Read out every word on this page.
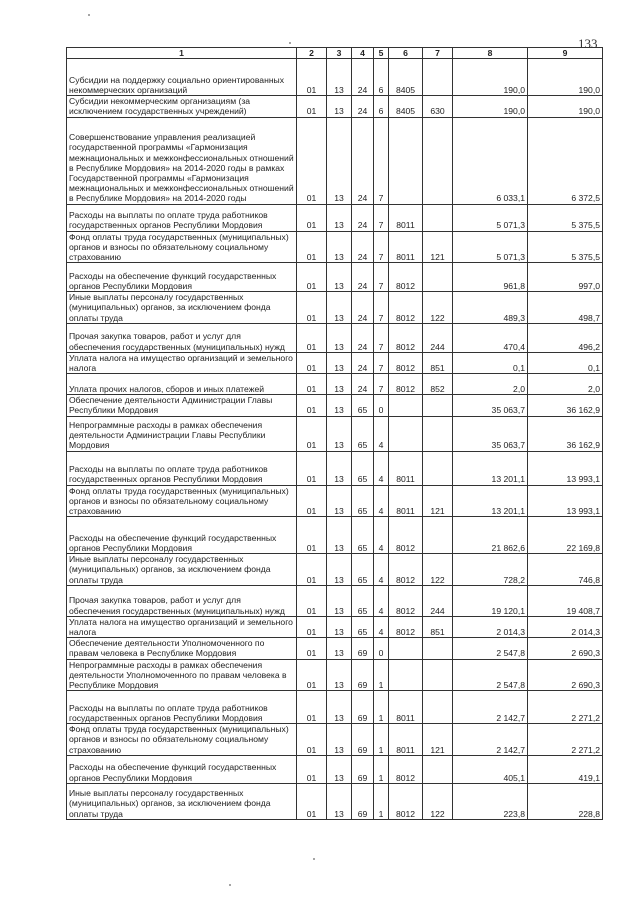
133
1	2	3	4	5	6	7	8	9
Субсидии на поддержку социально ориентированных некоммерческих организаций	01	13	24	6	8405		190,0	190,0
Субсидии некоммерческим организациям (за исключением государственных учреждений)	01	13	24	6	8405	630	190,0	190,0
Совершенствование управления реализацией государственной программы «Гармонизация межнациональных и межконфессиональных отношений в Республике Мордовия» на 2014-2020 годы в рамках Государственной программы «Гармонизация межнациональных и межконфессиональных отношений в Республике Мордовия» на 2014-2020 годы	01	13	24	7			6 033,1	6 372,5
Расходы на выплаты по оплате труда работников государственных органов Республики Мордовия	01	13	24	7	8011		5 071,3	5 375,5
Фонд оплаты труда государственных (муниципальных) органов и взносы по обязательному социальному страхованию	01	13	24	7	8011	121	5 071,3	5 375,5
Расходы на обеспечение функций государственных органов Республики Мордовия	01	13	24	7	8012		961,8	997,0
Иные выплаты персоналу государственных (муниципальных) органов, за исключением фонда оплаты труда	01	13	24	7	8012	122	489,3	498,7
Прочая закупка товаров, работ и услуг для обеспечения государственных (муниципальных) нужд	01	13	24	7	8012	244	470,4	496,2
Уплата налога на имущество организаций и земельного налога	01	13	24	7	8012	851	0,1	0,1
Уплата прочих налогов, сборов и иных платежей	01	13	24	7	8012	852	2,0	2,0
Обеспечение деятельности Администрации Главы Республики Мордовия	01	13	65	0			35 063,7	36 162,9
Непрограммные расходы в рамках обеспечения деятельности Администрации Главы Республики Мордовия	01	13	65	4			35 063,7	36 162,9
Расходы на выплаты по оплате труда работников государственных органов Республики Мордовия	01	13	65	4	8011		13 201,1	13 993,1
Фонд оплаты труда государственных (муниципальных) органов и взносы по обязательному социальному страхованию	01	13	65	4	8011	121	13 201,1	13 993,1
Расходы на обеспечение функций государственных органов Республики Мордовия	01	13	65	4	8012		21 862,6	22 169,8
Иные выплаты персоналу государственных (муниципальных) органов, за исключением фонда оплаты труда	01	13	65	4	8012	122	728,2	746,8
Прочая закупка товаров, работ и услуг для обеспечения государственных (муниципальных) нужд	01	13	65	4	8012	244	19 120,1	19 408,7
Уплата налога на имущество организаций и земельного налога	01	13	65	4	8012	851	2 014,3	2 014,3
Обеспечение деятельности Уполномоченного по правам человека в Республике Мордовия	01	13	69	0			2 547,8	2 690,3
Непрограммные расходы в рамках обеспечения деятельности Уполномоченного по правам человека в Республике Мордовия	01	13	69	1			2 547,8	2 690,3
Расходы на выплаты по оплате труда работников государственных органов Республики Мордовия	01	13	69	1	8011		2 142,7	2 271,2
Фонд оплаты труда государственных (муниципальных) органов и взносы по обязательному социальному страхованию	01	13	69	1	8011	121	2 142,7	2 271,2
Расходы на обеспечение функций государственных органов Республики Мордовия	01	13	69	1	8012		405,1	419,1
Иные выплаты персоналу государственных (муниципальных) органов, за исключением фонда оплаты труда	01	13	69	1	8012	122	223,8	228,8
